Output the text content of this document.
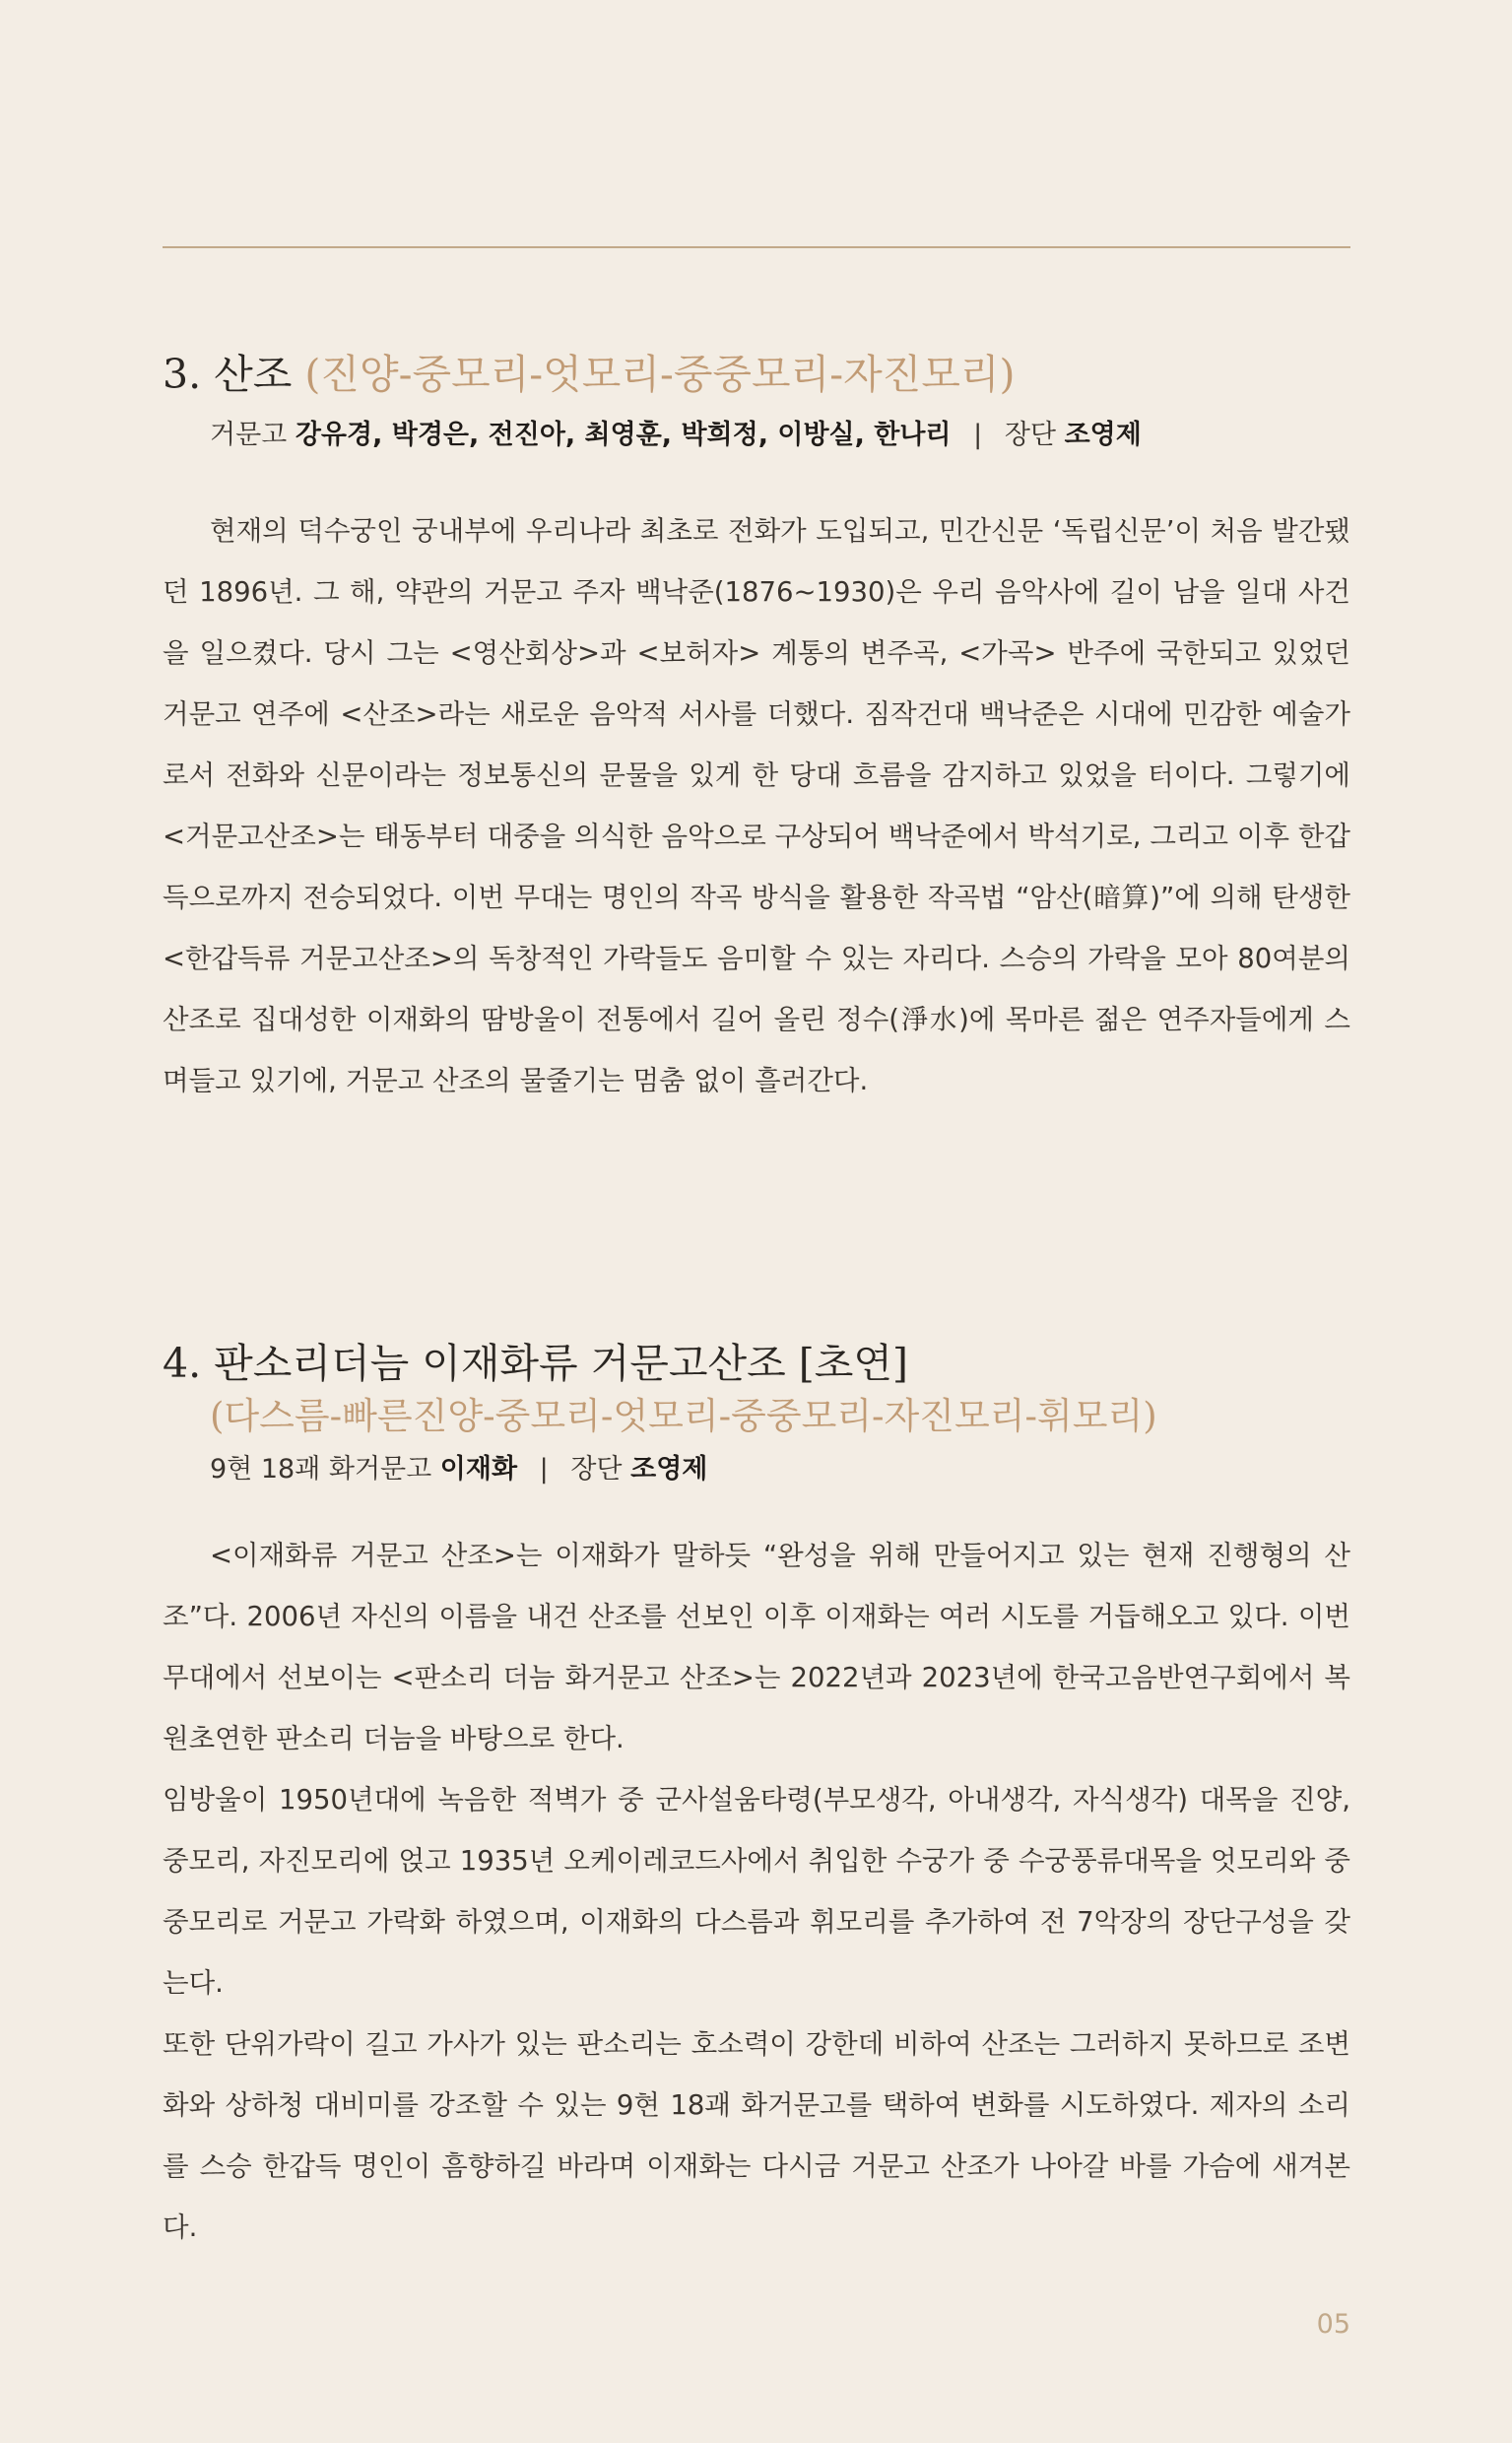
3. 산조 (진양-중모리-엇모리-중중모리-자진모리)
거문고 강유경, 박경은, 전진아, 최영훈, 박희정, 이방실, 한나리 | 장단 조영제

현재의 덕수궁인 궁내부에 우리나라 최초로 전화가 도입되고, 민간신문 ‘독립신문’이 처음 발간됐던 1896년. 그 해, 약관의 거문고 주자 백낙준(1876~1930)은 우리 음악사에 길이 남을 일대 사건을 일으켰다. 당시 그는 <영산회상>과 <보허자> 계통의 변주곡, <가곡> 반주에 국한되고 있었던 거문고 연주에 <산조>라는 새로운 음악적 서사를 더했다. 짐작건대 백낙준은 시대에 민감한 예술가로서 전화와 신문이라는 정보통신의 문물을 있게 한 당대 흐름을 감지하고 있었을 터이다. 그렇기에 <거문고산조>는 태동부터 대중을 의식한 음악으로 구상되어 백낙준에서 박석기로, 그리고 이후 한갑득으로까지 전승되었다. 이번 무대는 명인의 작곡 방식을 활용한 작곡법 “암산(暗算)”에 의해 탄생한 <한갑득류 거문고산조>의 독창적인 가락들도 음미할 수 있는 자리다. 스승의 가락을 모아 80여분의 산조로 집대성한 이재화의 땀방울이 전통에서 길어 올린 정수(淨水)에 목마른 젊은 연주자들에게 스며들고 있기에, 거문고 산조의 물줄기는 멈춤 없이 흘러간다.

4. 판소리더늠 이재화류 거문고산조 [초연]
(다스름-빠른진양-중모리-엇모리-중중모리-자진모리-휘모리)
9현 18괘 화거문고 이재화 | 장단 조영제

<이재화류 거문고 산조>는 이재화가 말하듯 “완성을 위해 만들어지고 있는 현재 진행형의 산조”다. 2006년 자신의 이름을 내건 산조를 선보인 이후 이재화는 여러 시도를 거듭해오고 있다. 이번 무대에서 선보이는 <판소리 더늠 화거문고 산조>는 2022년과 2023년에 한국고음반연구회에서 복원초연한 판소리 더늠을 바탕으로 한다.

임방울이 1950년대에 녹음한 적벽가 중 군사설움타령(부모생각, 아내생각, 자식생각) 대목을 진양, 중모리, 자진모리에 얹고 1935년 오케이레코드사에서 취입한 수궁가 중 수궁풍류대목을 엇모리와 중중모리로 거문고 가락화 하였으며, 이재화의 다스름과 휘모리를 추가하여 전 7악장의 장단구성을 갖는다.

또한 단위가락이 길고 가사가 있는 판소리는 호소력이 강한데 비하여 산조는 그러하지 못하므로 조변화와 상하청 대비미를 강조할 수 있는 9현 18괘 화거문고를 택하여 변화를 시도하였다. 제자의 소리를 스승 한갑득 명인이 흠향하길 바라며 이재화는 다시금 거문고 산조가 나아갈 바를 가슴에 새겨본다.

05
